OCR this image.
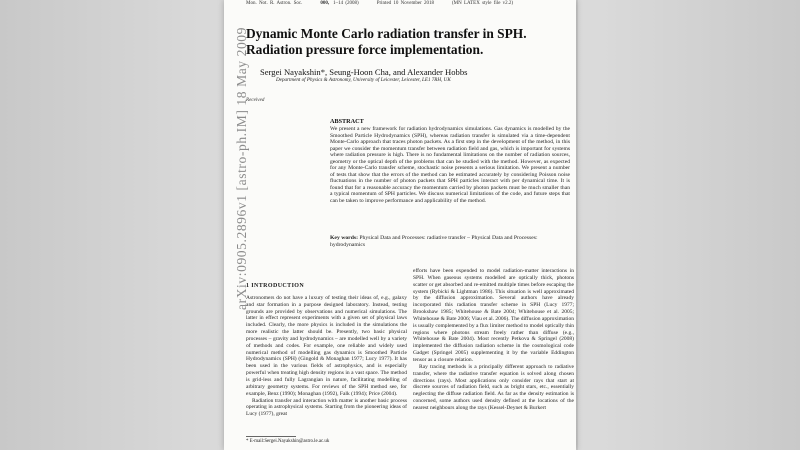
Mon. Not. R. Astron. Soc.	000, 1–14 (2008)	Printed 10 November 2018	(MN LATEX style file v2.2)
Dynamic Monte Carlo radiation transfer in SPH. Radiation pressure force implementation.
Sergei Nayakshin*, Seung-Hoon Cha, and Alexander Hobbs
Department of Physics & Astronomy, University of Leicester, Leicester, LE1 7RH, UK
Received
ABSTRACT
We present a new framework for radiation hydrodynamics simulations. Gas dynamics is modelled by the Smoothed Particle Hydrodynamics (SPH), whereas radiation transfer is simulated via a time-dependent Monte-Carlo approach that traces photon packets. As a first step in the development of the method, in this paper we consider the momentum transfer between radiation field and gas, which is important for systems where radiation pressure is high. There is no fundamental limitations on the number of radiation sources, geometry or the optical depth of the problems that can be studied with the method. However, as expected for any Monte-Carlo transfer scheme, stochastic noise presents a serious limitation. We present a number of tests that show that the errors of the method can be estimated accurately by considering Poisson noise fluctuations in the number of photon packets that SPH particles interact with per dynamical time. It is found that for a reasonable accuracy the momentum carried by photon packets must be much smaller than a typical momentum of SPH particles. We discuss numerical limitations of the code, and future steps that can be taken to improve performance and applicability of the method.
Key words: Physical Data and Processes: radiative transfer – Physical Data and Processes: hydrodynamics
1 INTRODUCTION

Astronomers do not have a luxury of testing their ideas of, e.g., galaxy and star formation in a purpose designed laboratory. Instead, testing grounds are provided by observations and numerical simulations. The latter in effect represent experiments with a given set of physical laws included. Clearly, the more physics is included in the simulations the more realistic the latter should be. Presently, two basic physical processes – gravity and hydrodynamics – are modelled well by a variety of methods and codes. For example, one reliable and widely used numerical method of modelling gas dynamics is Smoothed Particle Hydrodynamics (SPH) (Gingold & Monaghan 1977; Lucy 1977). It has been used in the various fields of astrophysics, and is especially powerful when treating high density regions in a vast space. The method is grid-less and fully Lagrangian in nature, facilitating modelling of arbitrary geometry systems. For reviews of the SPH method see, for example, Benz (1990); Monaghan (1992), Falk (1994); Price (2004).

Radiation transfer and interaction with matter is another basic process operating in astrophysical systems. Starting from the pioneering ideas of Lucy (1977), great

efforts have been expended to model radiation-matter interactions in SPH. When gaseous systems modelled are optically thick, photons scatter or get absorbed and re-emitted multiple times before escaping the system (Rybicki & Lightman 1986). This situation is well approximated by the diffusion approximation. Several authors have already incorporated this radiation transfer scheme in SPH (Lucy 1977; Brookshaw 1985; Whitehouse & Bate 2004; Whitehouse et al. 2005; Whitehouse & Bate 2006; Viau et al. 2006). The diffusion approximation is usually complemented by a flux limiter method to model optically thin regions where photons stream freely rather than diffuse (e.g., Whitehouse & Bate 2004). Most recently Petkova & Springel (2008) implemented the diffusion radiation scheme in the cosmological code Gadget (Springel 2005) supplementing it by the variable Eddington tensor as a closure relation.

Ray tracing methods is a principally different approach to radiative transfer, where the radiative transfer equation is solved along chosen directions (rays). Most applications only consider rays that start at discrete sources of radiation field, such as bright stars, etc., essentially neglecting the diffuse radiation field. As far as the density estimation is concerned, some authors used density defined at the locations of the nearest neighbours along the rays (Kessel-Deynet & Burkert

* E-mail:Sergei.Nayakshin@astro.le.ac.uk
arXiv:0905.2896v1 [astro-ph.IM] 18 May 2009
